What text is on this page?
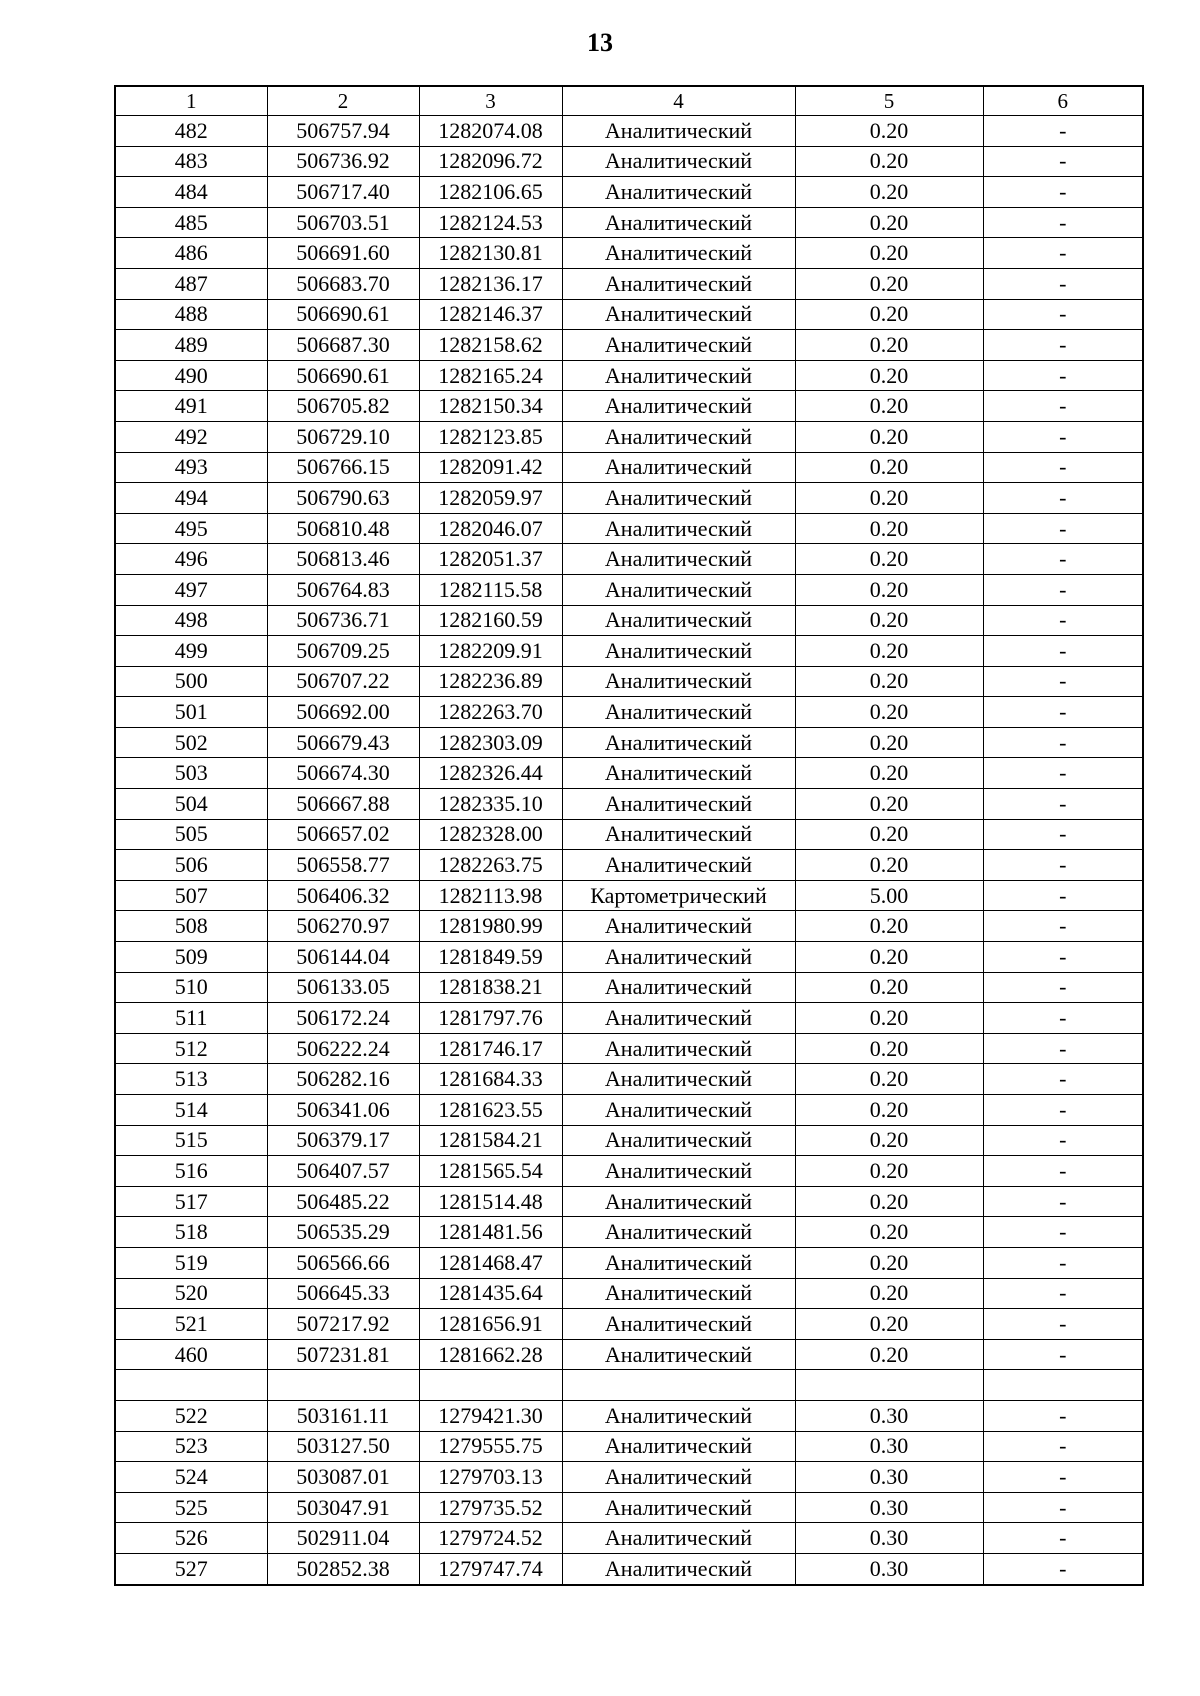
13
1	2	3	4	5	6
482	506757.94	1282074.08	Аналитический	0.20	-
483	506736.92	1282096.72	Аналитический	0.20	-
484	506717.40	1282106.65	Аналитический	0.20	-
485	506703.51	1282124.53	Аналитический	0.20	-
486	506691.60	1282130.81	Аналитический	0.20	-
487	506683.70	1282136.17	Аналитический	0.20	-
488	506690.61	1282146.37	Аналитический	0.20	-
489	506687.30	1282158.62	Аналитический	0.20	-
490	506690.61	1282165.24	Аналитический	0.20	-
491	506705.82	1282150.34	Аналитический	0.20	-
492	506729.10	1282123.85	Аналитический	0.20	-
493	506766.15	1282091.42	Аналитический	0.20	-
494	506790.63	1282059.97	Аналитический	0.20	-
495	506810.48	1282046.07	Аналитический	0.20	-
496	506813.46	1282051.37	Аналитический	0.20	-
497	506764.83	1282115.58	Аналитический	0.20	-
498	506736.71	1282160.59	Аналитический	0.20	-
499	506709.25	1282209.91	Аналитический	0.20	-
500	506707.22	1282236.89	Аналитический	0.20	-
501	506692.00	1282263.70	Аналитический	0.20	-
502	506679.43	1282303.09	Аналитический	0.20	-
503	506674.30	1282326.44	Аналитический	0.20	-
504	506667.88	1282335.10	Аналитический	0.20	-
505	506657.02	1282328.00	Аналитический	0.20	-
506	506558.77	1282263.75	Аналитический	0.20	-
507	506406.32	1282113.98	Картометрический	5.00	-
508	506270.97	1281980.99	Аналитический	0.20	-
509	506144.04	1281849.59	Аналитический	0.20	-
510	506133.05	1281838.21	Аналитический	0.20	-
511	506172.24	1281797.76	Аналитический	0.20	-
512	506222.24	1281746.17	Аналитический	0.20	-
513	506282.16	1281684.33	Аналитический	0.20	-
514	506341.06	1281623.55	Аналитический	0.20	-
515	506379.17	1281584.21	Аналитический	0.20	-
516	506407.57	1281565.54	Аналитический	0.20	-
517	506485.22	1281514.48	Аналитический	0.20	-
518	506535.29	1281481.56	Аналитический	0.20	-
519	506566.66	1281468.47	Аналитический	0.20	-
520	506645.33	1281435.64	Аналитический	0.20	-
521	507217.92	1281656.91	Аналитический	0.20	-
460	507231.81	1281662.28	Аналитический	0.20	-

522	503161.11	1279421.30	Аналитический	0.30	-
523	503127.50	1279555.75	Аналитический	0.30	-
524	503087.01	1279703.13	Аналитический	0.30	-
525	503047.91	1279735.52	Аналитический	0.30	-
526	502911.04	1279724.52	Аналитический	0.30	-
527	502852.38	1279747.74	Аналитический	0.30	-
